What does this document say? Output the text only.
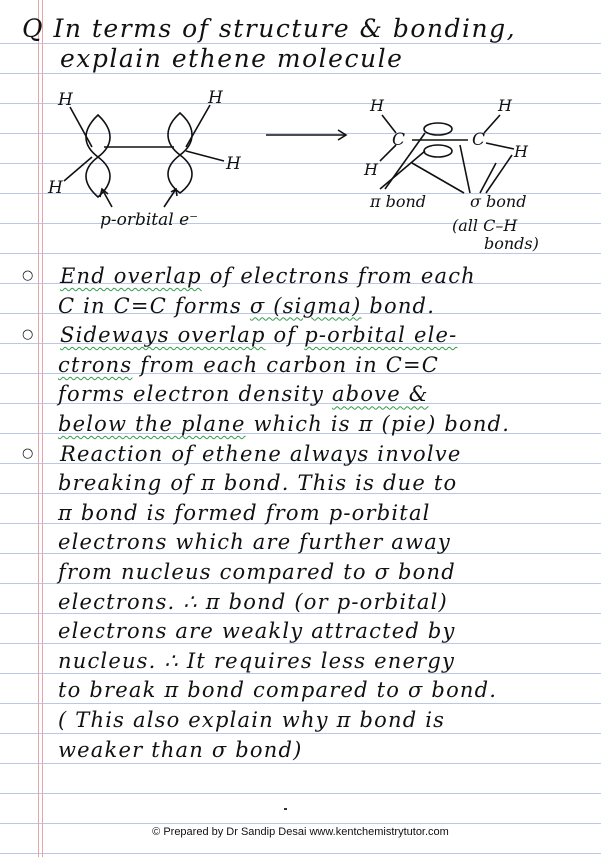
Q In terms of structure & bonding,
explain ethene molecule
H
H
H
H
p-orbital e⁻
H
H
H
H
C	C
π bond	σ bond
(all C–H
bonds)
○ End overlap of electrons from each
C in C=C forms σ (sigma) bond.
○ Sideways overlap of p-orbital ele-
ctrons from each carbon in C=C
forms electron density above &
below the plane which is π (pie) bond.
○ Reaction of ethene always involve
breaking of π bond. This is due to
π bond is formed from p-orbital
electrons which are further away
from nucleus compared to σ bond
electrons. ∴ π bond (or p-orbital)
electrons are weakly attracted by
nucleus. ∴ It requires less energy
to break π bond compared to σ bond.
( This also explain why π bond is
weaker than σ bond)
© Prepared by Dr Sandip Desai www.kentchemistrytutor.com
